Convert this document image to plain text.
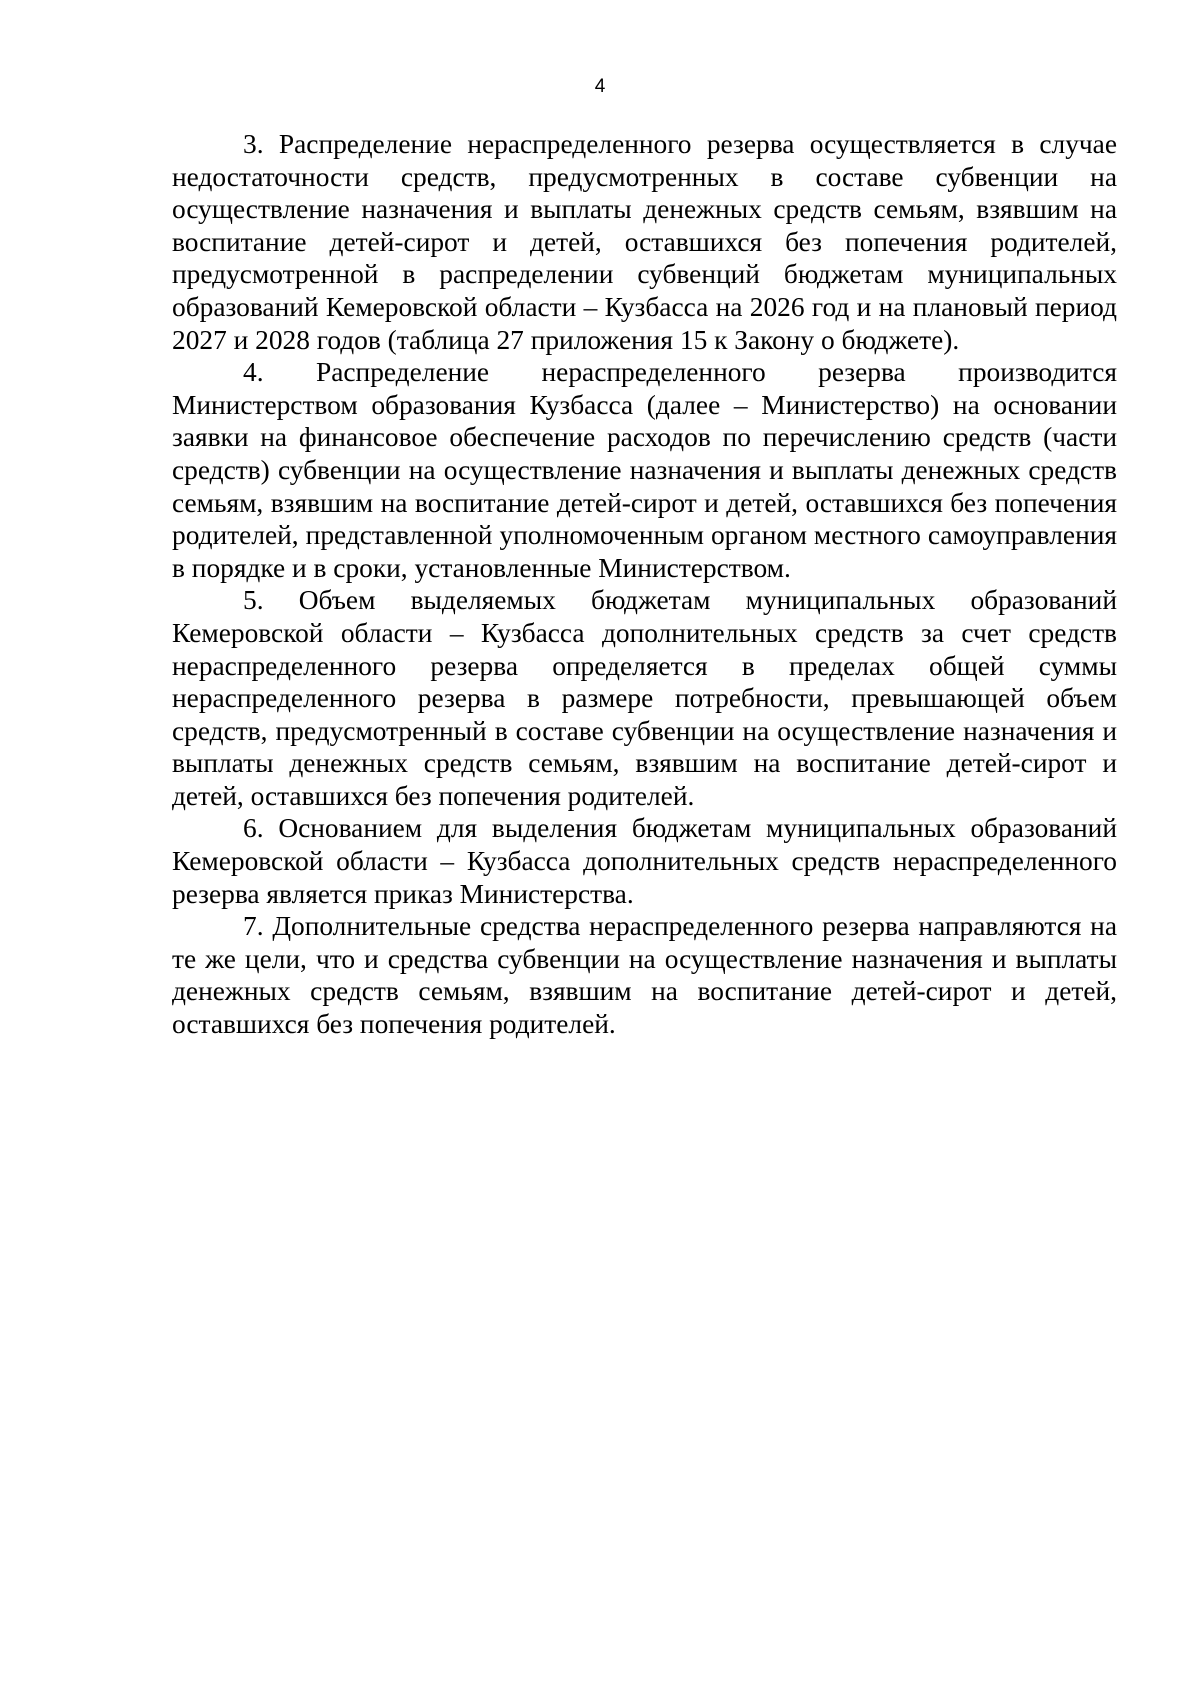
4

3. Распределение нераспределенного резерва осуществляется в случае недостаточности средств, предусмотренных в составе субвенции на осуществление назначения и выплаты денежных средств семьям, взявшим на воспитание детей-сирот и детей, оставшихся без попечения родителей, предусмотренной в распределении субвенций бюджетам муниципальных образований Кемеровской области – Кузбасса на 2026 год и на плановый период 2027 и 2028 годов (таблица 27 приложения 15 к Закону о бюджете).

4. Распределение нераспределенного резерва производится Министерством образования Кузбасса (далее – Министерство) на основании заявки на финансовое обеспечение расходов по перечислению средств (части средств) субвенции на осуществление назначения и выплаты денежных средств семьям, взявшим на воспитание детей-сирот и детей, оставшихся без попечения родителей, представленной уполномоченным органом местного самоуправления в порядке и в сроки, установленные Министерством.

5. Объем выделяемых бюджетам муниципальных образований Кемеровской области – Кузбасса дополнительных средств за счет средств нераспределенного резерва определяется в пределах общей суммы нераспределенного резерва в размере потребности, превышающей объем средств, предусмотренный в составе субвенции на осуществление назначения и выплаты денежных средств семьям, взявшим на воспитание детей-сирот и детей, оставшихся без попечения родителей.

6. Основанием для выделения бюджетам муниципальных образований Кемеровской области – Кузбасса дополнительных средств нераспределенного резерва является приказ Министерства.

7. Дополнительные средства нераспределенного резерва направляются на те же цели, что и средства субвенции на осуществление назначения и выплаты денежных средств семьям, взявшим на воспитание детей-сирот и детей, оставшихся без попечения родителей.
